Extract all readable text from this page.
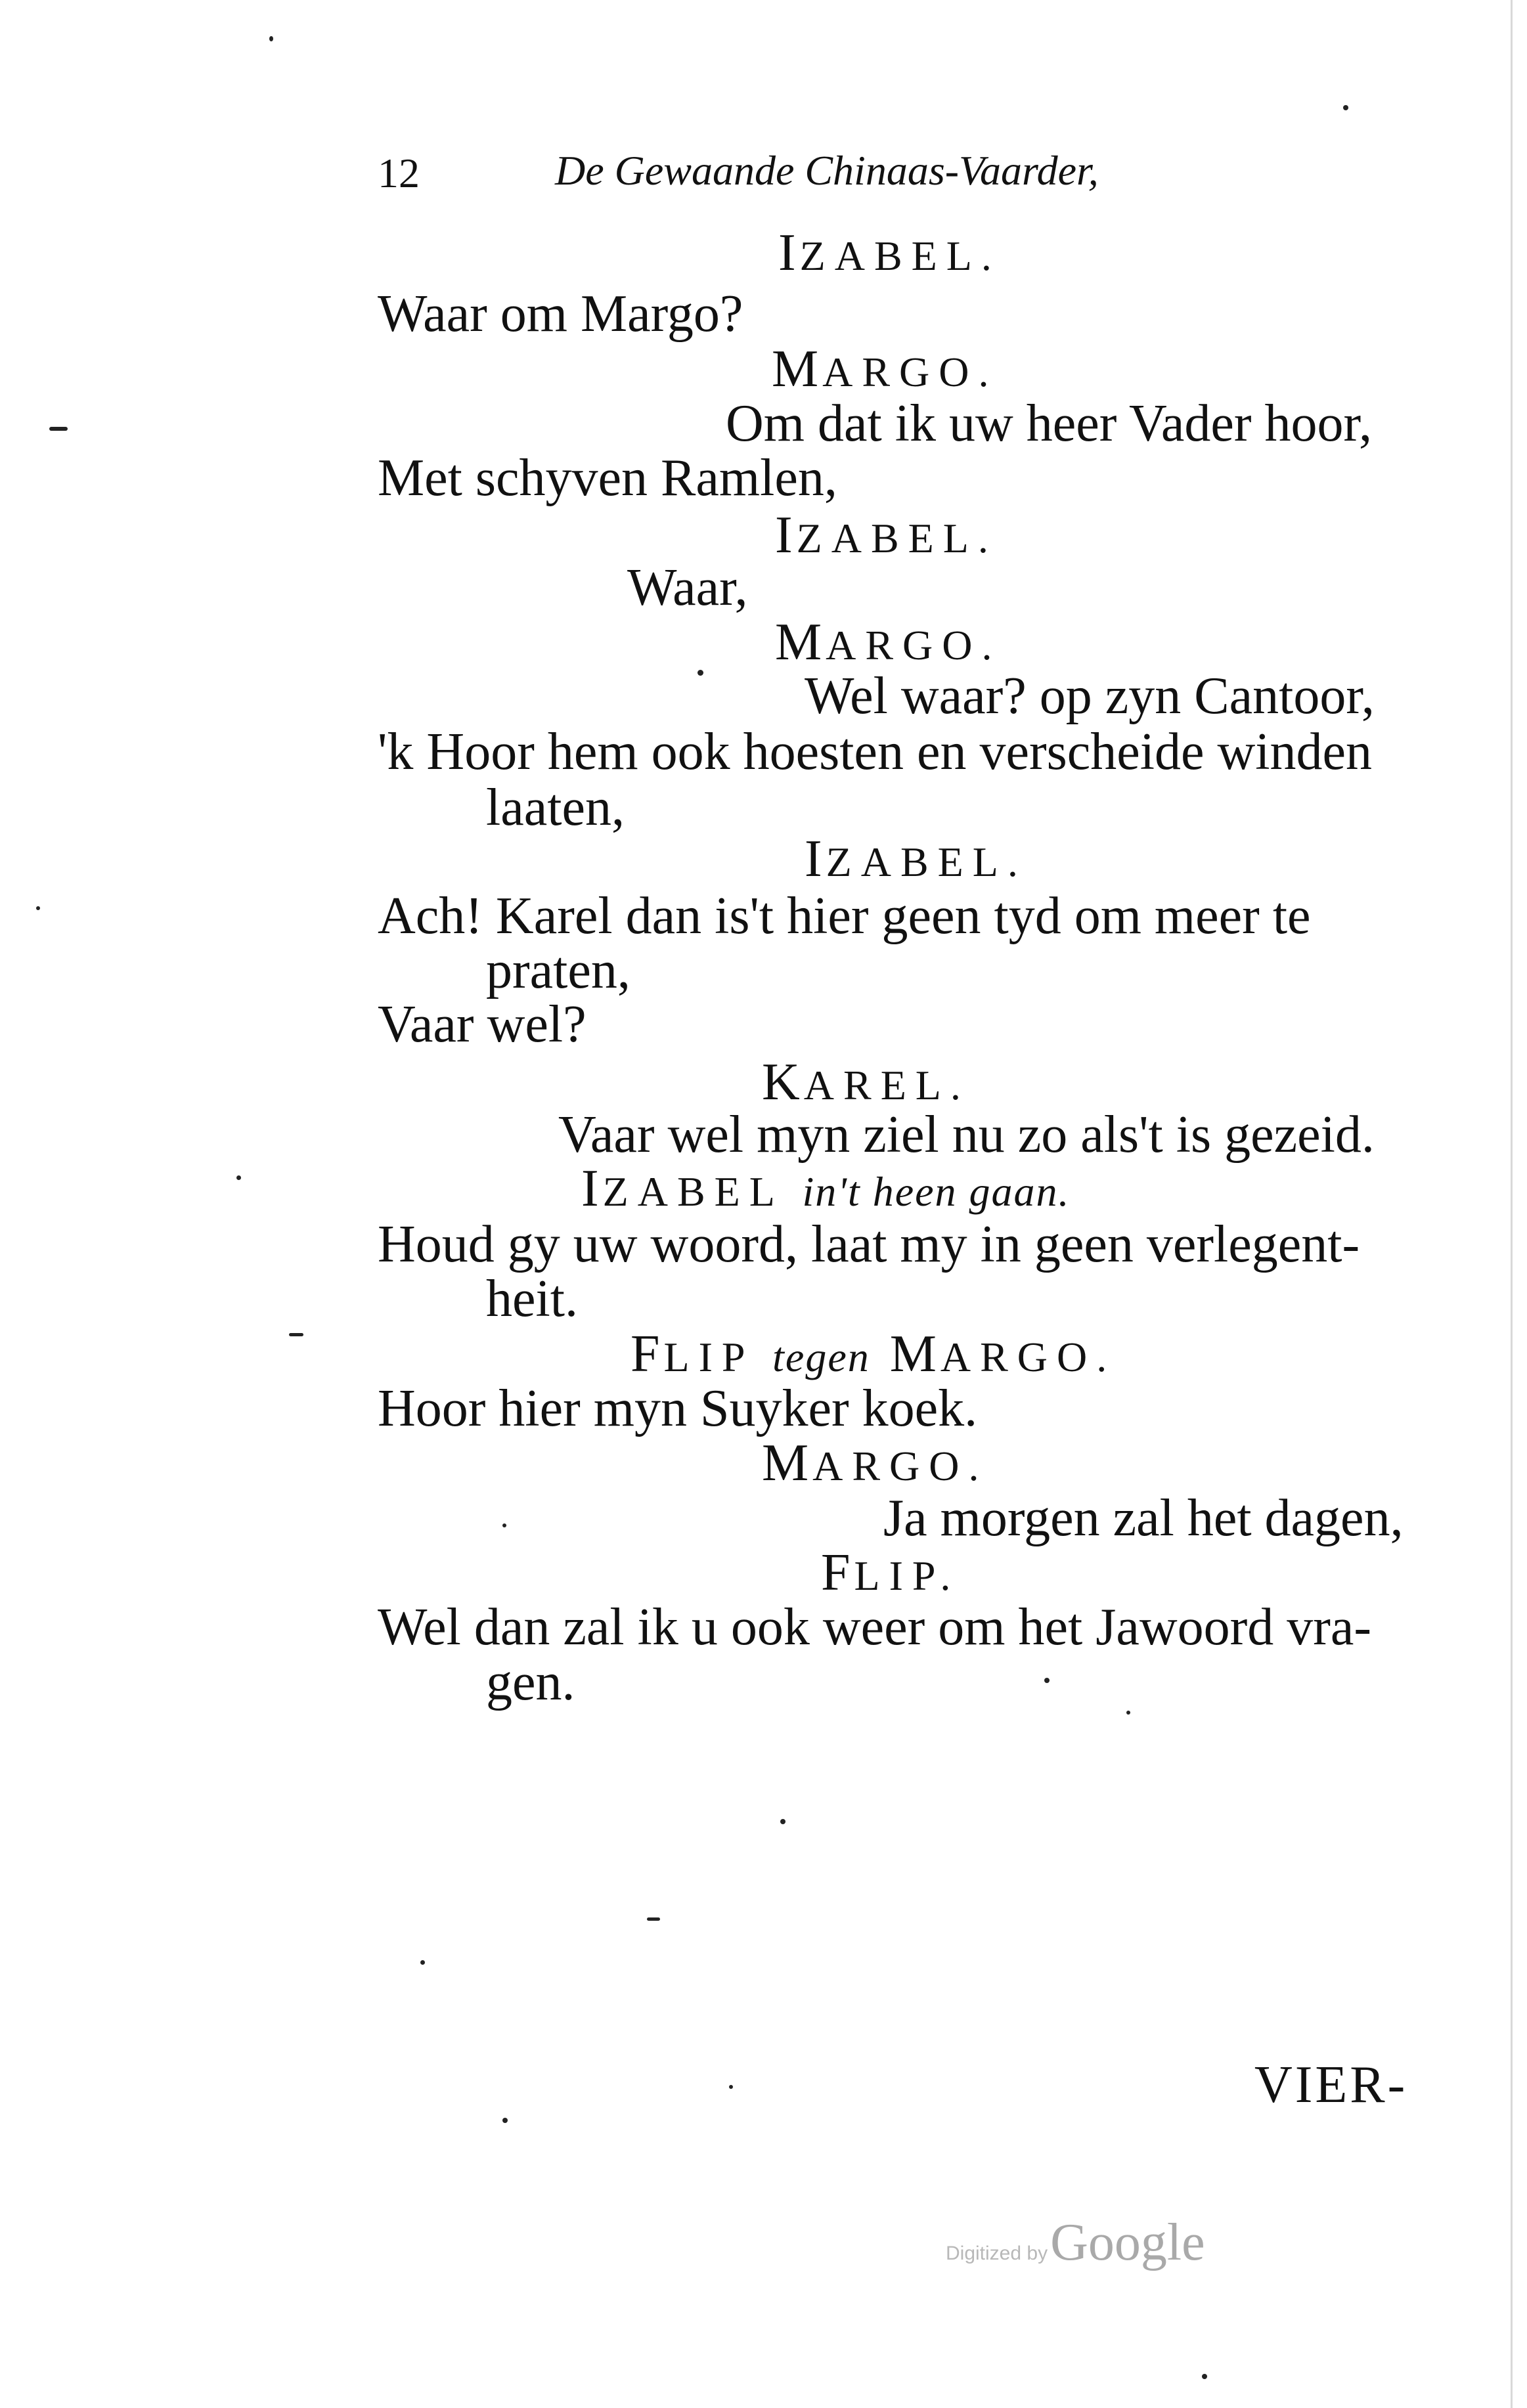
12	De Gewaande Chinaas-Vaarder,
IZABEL.
Waar om Margo?
MARGO.
Om dat ik uw heer Vader hoor,
Met schyven Ramlen,
IZABEL.
Waar,
MARGO.
Wel waar? op zyn Cantoor,
'k Hoor hem ook hoesten en verscheide winden
laaten,
IZABEL.
Ach! Karel dan is't hier geen tyd om meer te
praten,
Vaar wel?
KAREL.
Vaar wel myn ziel nu zo als't is gezeid.
IZABEL in't heen gaan.
Houd gy uw woord, laat my in geen verlegent-
heit.
FLIP tegen MARGO.
Hoor hier myn Suyker koek.
MARGO.
Ja morgen zal het dagen,
FLIP.
Wel dan zal ik u ook weer om het Jawoord vra-
gen.
VIER-
Digitized by Google
